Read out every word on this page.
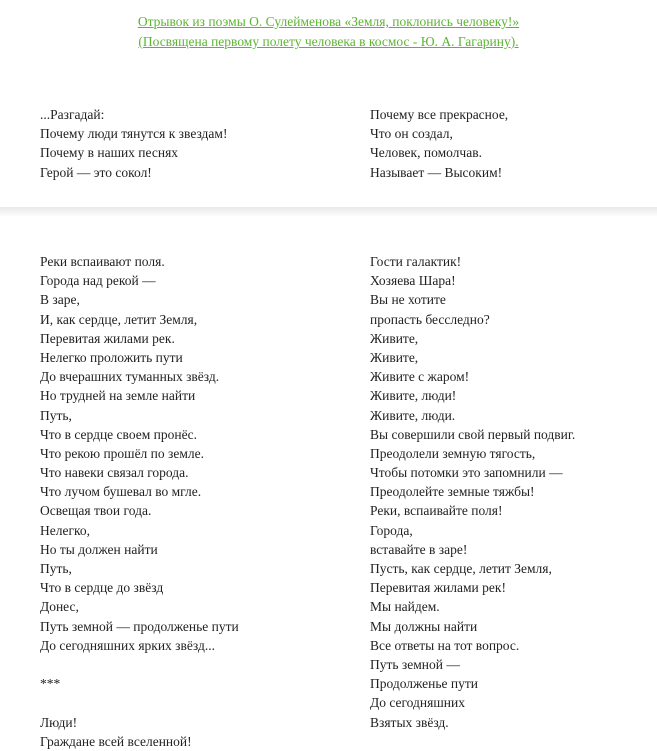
Отрывок из поэмы О. Сулейменова «Земля, поклонись человеку!»
(Посвящена первому полету человека в космос - Ю. А. Гагарину).
...Разгадай:
Почему люди тянутся к звездам!
Почему в наших песнях
Герой — это сокол!
Почему все прекрасное,
Что он создал,
Человек, помолчав.
Называет — Высоким!
Реки вспаивают поля.
Города над рекой —
В заре,
И, как сердце, летит Земля,
Перевитая жилами рек.
Нелегко проложить пути
До вчерашних туманных звёзд.
Но трудней на земле найти
Путь,
Что в сердце своем пронёс.
Что рекою прошёл по земле.
Что навеки связал города.
Что лучом бушевал во мгле.
Освещая твои года.
Нелегко,
Но ты должен найти
Путь,
Что в сердце до звёзд
Донес,
Путь земной — продолженье пути
До сегодняшних ярких звёзд...
***
Люди!
Граждане всей вселенной!
Гости галактик!
Хозяева Шара!
Вы не хотите
пропасть бесследно?
Живите,
Живите,
Живите с жаром!
Живите, люди!
Живите, люди.
Вы совершили свой первый подвиг.
Преодолели земную тягость,
Чтобы потомки это запомнили —
Преодолейте земные тяжбы!
Реки, вспаивайте поля!
Города,
вставайте в заре!
Пусть, как сердце, летит Земля,
Перевитая жилами рек!
Мы найдем.
Мы должны найти
Все ответы на тот вопрос.
Путь земной —
Продолженье пути
До сегодняшних
Взятых звёзд.
